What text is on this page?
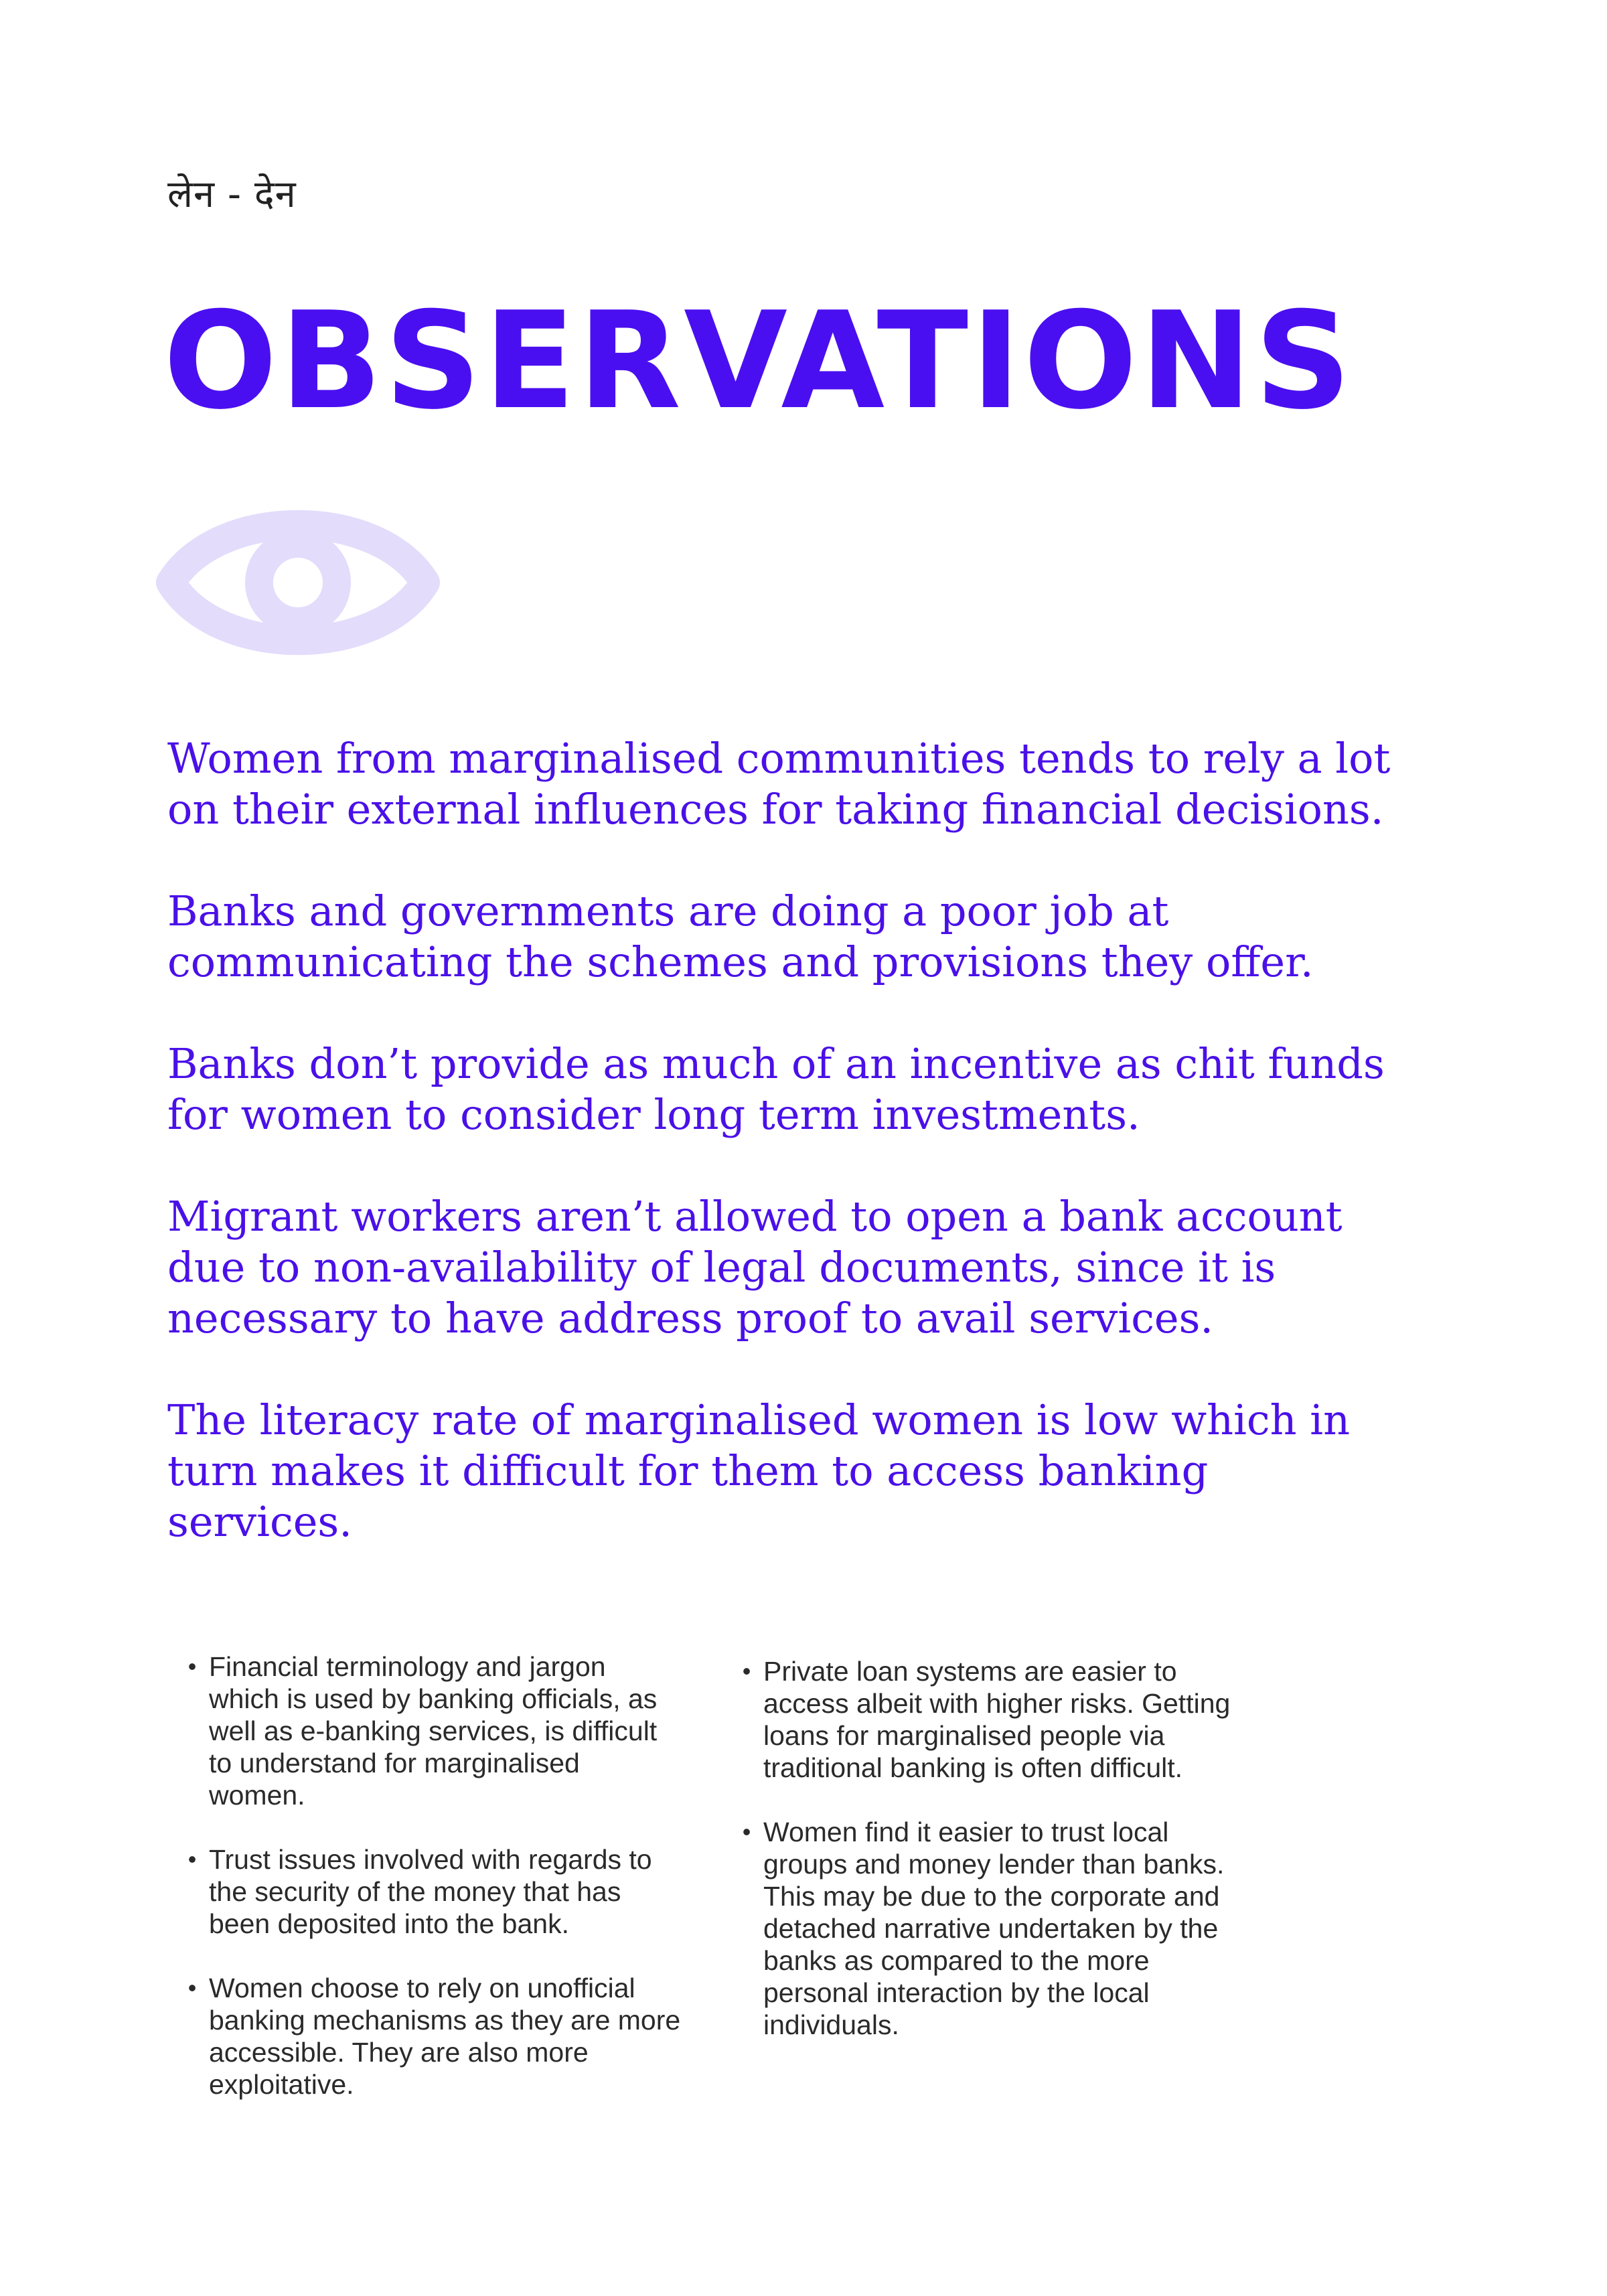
लेन - देन
OBSERVATIONS
Women from marginalised communities tends to rely a lot on their external influences for taking financial decisions.
Banks and governments are doing a poor job at communicating the schemes and provisions they offer.
Banks don’t provide as much of an incentive as chit funds for women to consider long term investments.
Migrant workers aren’t allowed to open a bank account due to non-availability of legal documents, since it is necessary to have address proof to avail services.
The literacy rate of marginalised women is low which in turn makes it difficult for them to access banking services.
• Financial terminology and jargon which is used by banking officials, as well as e-banking services, is difficult to understand for marginalised women.
• Trust issues involved with regards to the security of the money that has been deposited into the bank.
• Women choose to rely on unofficial banking mechanisms as they are more accessible. They are also more exploitative.
• Private loan systems are easier to access albeit with higher risks. Getting loans for marginalised people via traditional banking is often difficult.
• Women find it easier to trust local groups and money lender than banks. This may be due to the corporate and detached narrative undertaken by the banks as compared to the more personal interaction by the local individuals.
